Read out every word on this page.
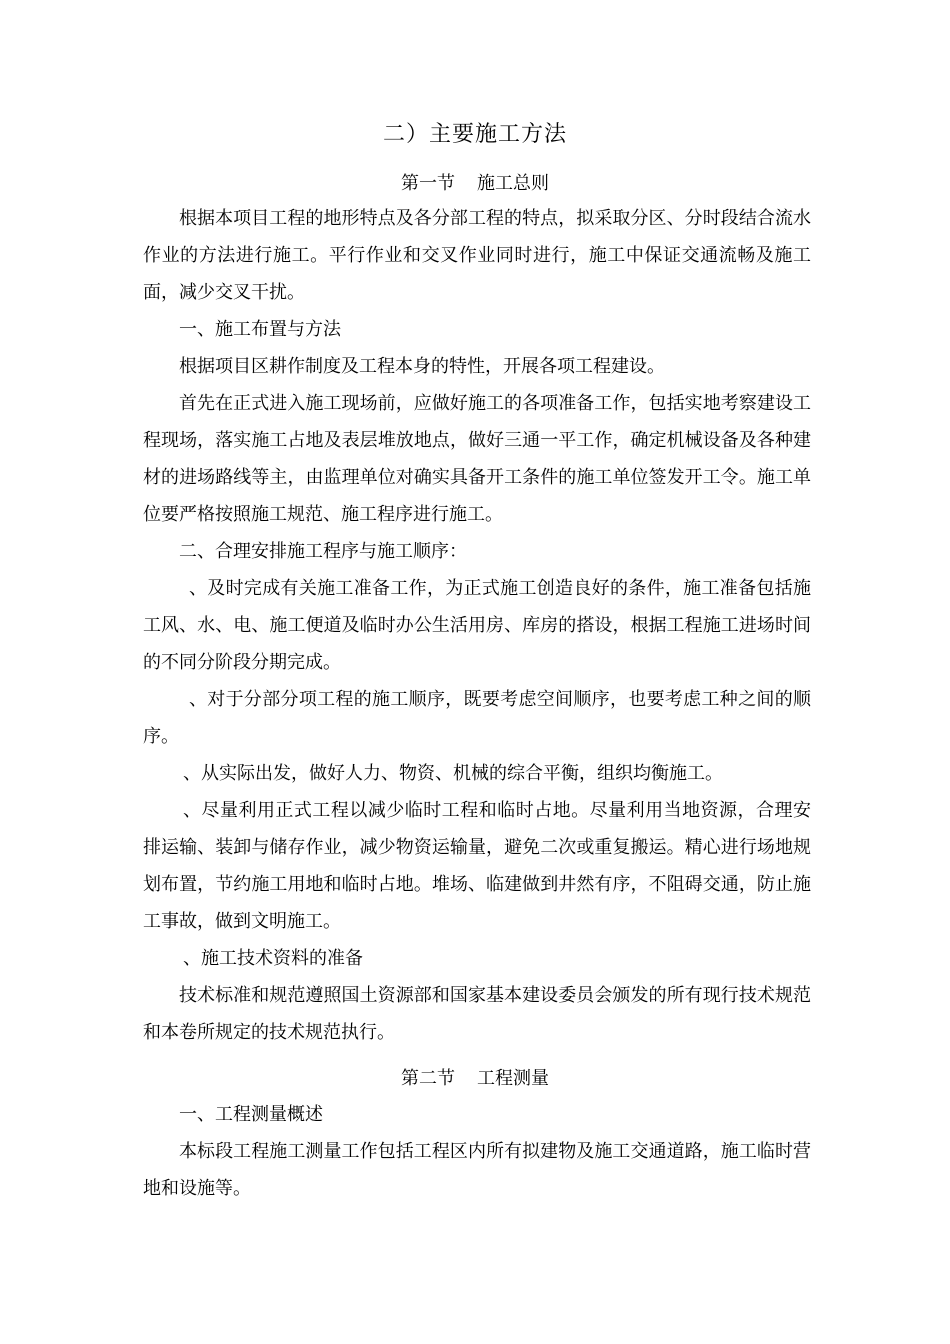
二）主要施工方法
第一节 施工总则
根据本项目工程的地形特点及各分部工程的特点，拟采取分区、分时段结合流水作业的方法进行施工。平行作业和交叉作业同时进行，施工中保证交通流畅及施工面，减少交叉干扰。
一、施工布置与方法
根据项目区耕作制度及工程本身的特性，开展各项工程建设。
首先在正式进入施工现场前，应做好施工的各项准备工作，包括实地考察建设工程现场，落实施工占地及表层堆放地点，做好三通一平工作，确定机械设备及各种建材的进场路线等主，由监理单位对确实具备开工条件的施工单位签发开工令。施工单位要严格按照施工规范、施工程序进行施工。
二、合理安排施工程序与施工顺序：
、及时完成有关施工准备工作，为正式施工创造良好的条件，施工准备包括施工风、水、电、施工便道及临时办公生活用房、库房的搭设，根据工程施工进场时间的不同分阶段分期完成。
、对于分部分项工程的施工顺序，既要考虑空间顺序，也要考虑工种之间的顺序。
、从实际出发，做好人力、物资、机械的综合平衡，组织均衡施工。
、尽量利用正式工程以减少临时工程和临时占地。尽量利用当地资源，合理安排运输、装卸与储存作业，减少物资运输量，避免二次或重复搬运。精心进行场地规划布置，节约施工用地和临时占地。堆场、临建做到井然有序，不阻碍交通，防止施工事故，做到文明施工。
、施工技术资料的准备
技术标准和规范遵照国土资源部和国家基本建设委员会颁发的所有现行技术规范和本卷所规定的技术规范执行。
第二节 工程测量
一、工程测量概述
本标段工程施工测量工作包括工程区内所有拟建物及施工交通道路，施工临时营地和设施等。
